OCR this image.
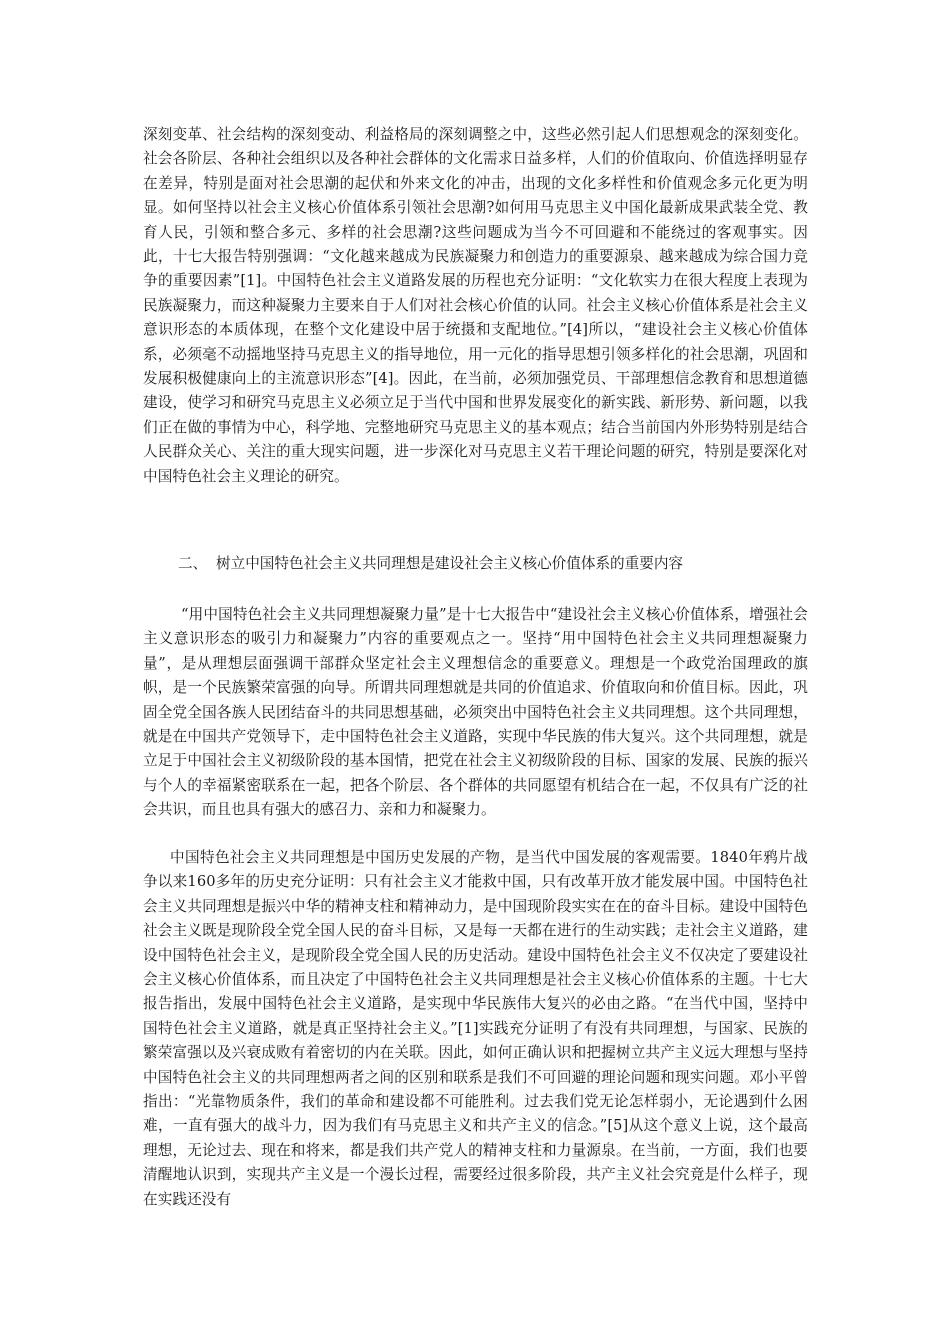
深刻变革、社会结构的深刻变动、利益格局的深刻调整之中，这些必然引起人们思想观念的深刻变化。社会各阶层、各种社会组织以及各种社会群体的文化需求日益多样，人们的价值取向、价值选择明显存在差异，特别是面对社会思潮的起伏和外来文化的冲击，出现的文化多样性和价值观念多元化更为明显。如何坚持以社会主义核心价值体系引领社会思潮?如何用马克思主义中国化最新成果武装全党、教育人民，引领和整合多元、多样的社会思潮?这些问题成为当今不可回避和不能绕过的客观事实。因此，十七大报告特别强调：“文化越来越成为民族凝聚力和创造力的重要源泉、越来越成为综合国力竞争的重要因素”[1]。中国特色社会主义道路发展的历程也充分证明：“文化软实力在很大程度上表现为民族凝聚力，而这种凝聚力主要来自于人们对社会核心价值的认同。社会主义核心价值体系是社会主义意识形态的本质体现，在整个文化建设中居于统摄和支配地位。”[4]所以，“建设社会主义核心价值体系，必须毫不动摇地坚持马克思主义的指导地位，用一元化的指导思想引领多样化的社会思潮，巩固和发展积极健康向上的主流意识形态”[4]。因此，在当前，必须加强党员、干部理想信念教育和思想道德建设，使学习和研究马克思主义必须立足于当代中国和世界发展变化的新实践、新形势、新问题，以我们正在做的事情为中心，科学地、完整地研究马克思主义的基本观点；结合当前国内外形势特别是结合人民群众关心、关注的重大现实问题，进一步深化对马克思主义若干理论问题的研究，特别是要深化对中国特色社会主义理论的研究。
二、 树立中国特色社会主义共同理想是建设社会主义核心价值体系的重要内容
“用中国特色社会主义共同理想凝聚力量”是十七大报告中“建设社会主义核心价值体系，增强社会主义意识形态的吸引力和凝聚力”内容的重要观点之一。坚持“用中国特色社会主义共同理想凝聚力量”，是从理想层面强调干部群众坚定社会主义理想信念的重要意义。理想是一个政党治国理政的旗帜，是一个民族繁荣富强的向导。所谓共同理想就是共同的价值追求、价值取向和价值目标。因此，巩固全党全国各族人民团结奋斗的共同思想基础，必须突出中国特色社会主义共同理想。这个共同理想，就是在中国共产党领导下，走中国特色社会主义道路，实现中华民族的伟大复兴。这个共同理想，就是立足于中国社会主义初级阶段的基本国情，把党在社会主义初级阶段的目标、国家的发展、民族的振兴与个人的幸福紧密联系在一起，把各个阶层、各个群体的共同愿望有机结合在一起，不仅具有广泛的社会共识，而且也具有强大的感召力、亲和力和凝聚力。
中国特色社会主义共同理想是中国历史发展的产物，是当代中国发展的客观需要。1840年鸦片战争以来160多年的历史充分证明：只有社会主义才能救中国，只有改革开放才能发展中国。中国特色社会主义共同理想是振兴中华的精神支柱和精神动力，是中国现阶段实实在在的奋斗目标。建设中国特色社会主义既是现阶段全党全国人民的奋斗目标，又是每一天都在进行的生动实践；走社会主义道路，建设中国特色社会主义，是现阶段全党全国人民的历史活动。建设中国特色社会主义不仅决定了要建设社会主义核心价值体系，而且决定了中国特色社会主义共同理想是社会主义核心价值体系的主题。十七大报告指出，发展中国特色社会主义道路，是实现中华民族伟大复兴的必由之路。“在当代中国，坚持中国特色社会主义道路，就是真正坚持社会主义。”[1]实践充分证明了有没有共同理想，与国家、民族的繁荣富强以及兴衰成败有着密切的内在关联。因此，如何正确认识和把握树立共产主义远大理想与坚持中国特色社会主义的共同理想两者之间的区别和联系是我们不可回避的理论问题和现实问题。邓小平曾指出：“光靠物质条件，我们的革命和建设都不可能胜利。过去我们党无论怎样弱小，无论遇到什么困难，一直有强大的战斗力，因为我们有马克思主义和共产主义的信念。”[5]从这个意义上说，这个最高理想，无论过去、现在和将来，都是我们共产党人的精神支柱和力量源泉。在当前，一方面，我们也要清醒地认识到，实现共产主义是一个漫长过程，需要经过很多阶段，共产主义社会究竟是什么样子，现在实践还没有
